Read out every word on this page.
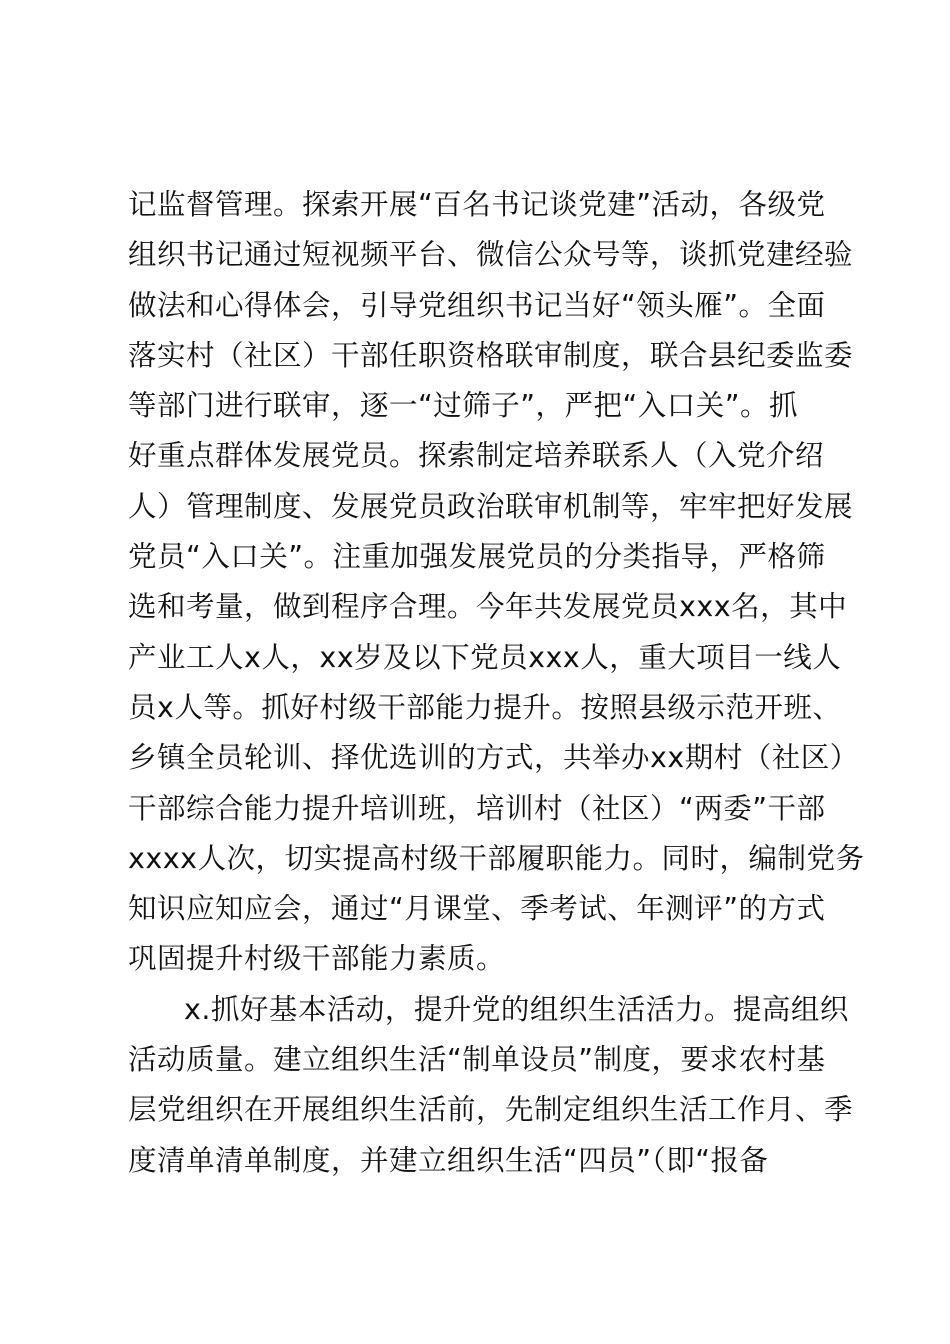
记监督管理。探索开展“百名书记谈党建”活动，各级党
组织书记通过短视频平台、微信公众号等，谈抓党建经验
做法和心得体会，引导党组织书记当好“领头雁”。全面
落实村（社区）干部任职资格联审制度，联合县纪委监委
等部门进行联审，逐一“过筛子”，严把“入口关”。抓
好重点群体发展党员。探索制定培养联系人（入党介绍
人）管理制度、发展党员政治联审机制等，牢牢把好发展
党员“入口关”。注重加强发展党员的分类指导，严格筛
选和考量，做到程序合理。今年共发展党员xxx名，其中
产业工人x人，xx岁及以下党员xxx人，重大项目一线人
员x人等。抓好村级干部能力提升。按照县级示范开班、
乡镇全员轮训、择优选训的方式，共举办xx期村（社区）
干部综合能力提升培训班，培训村（社区）“两委”干部
xxxx人次，切实提高村级干部履职能力。同时，编制党务
知识应知应会，通过“月课堂、季考试、年测评”的方式
巩固提升村级干部能力素质。
x.抓好基本活动，提升党的组织生活活力。提高组织
活动质量。建立组织生活“制单设员”制度，要求农村基
层党组织在开展组织生活前，先制定组织生活工作月、季
度清单清单制度，并建立组织生活“四员”（即“报备
